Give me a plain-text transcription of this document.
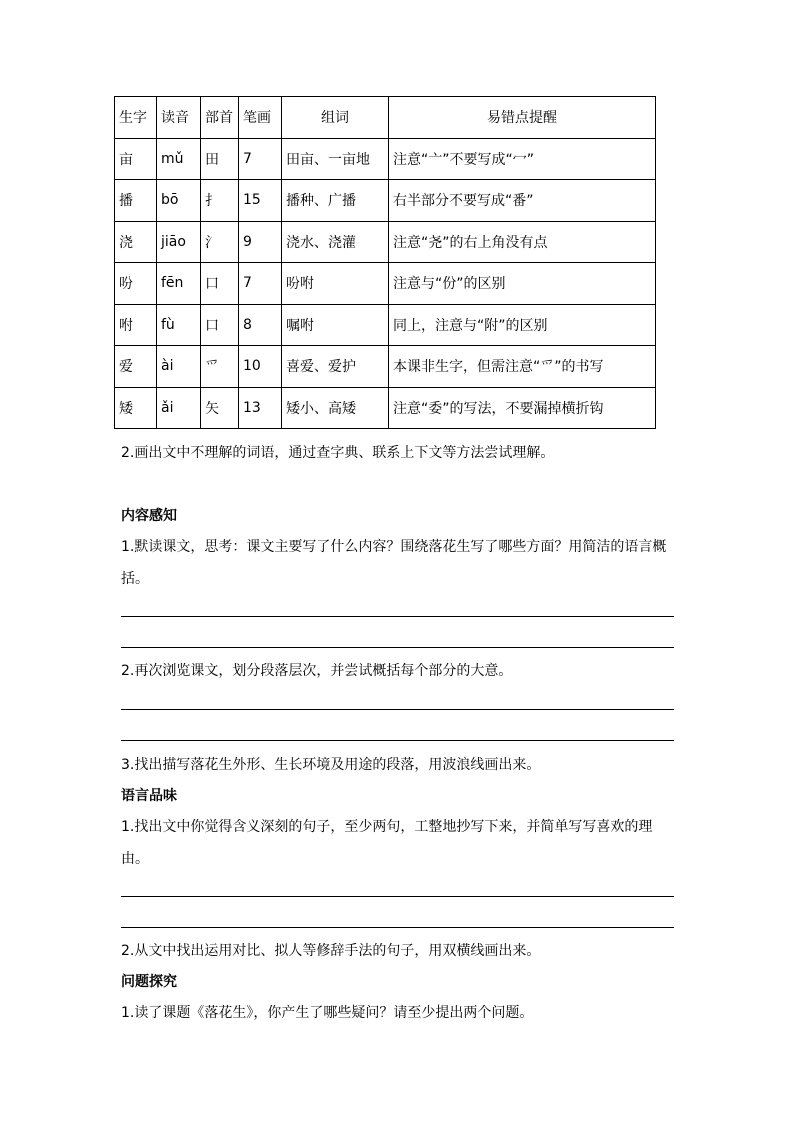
生字	读音	部首	笔画	组词	易错点提醒
亩	mǔ	田	7	田亩、一亩地	注意“亠”不要写成“冖”
播	bō	扌	15	播种、广播	右半部分不要写成“番”
浇	jiāo	氵	9	浇水、浇灌	注意“尧”的右上角没有点
吩	fēn	口	7	吩咐	注意与“份”的区别
咐	fù	口	8	嘱咐	同上，注意与“附”的区别
爱	ài	爫	10	喜爱、爱护	本课非生字，但需注意“爫”的书写
矮	ǎi	矢	13	矮小、高矮	注意“委”的写法，不要漏掉横折钩
2.画出文中不理解的词语，通过查字典、联系上下文等方法尝试理解。
内容感知
1.默读课文，思考：课文主要写了什么内容？围绕落花生写了哪些方面？用简洁的语言概括。
2.再次浏览课文，划分段落层次，并尝试概括每个部分的大意。
3.找出描写落花生外形、生长环境及用途的段落，用波浪线画出来。
语言品味
1.找出文中你觉得含义深刻的句子，至少两句，工整地抄写下来，并简单写写喜欢的理由。
2.从文中找出运用对比、拟人等修辞手法的句子，用双横线画出来。
问题探究
1.读了课题《落花生》，你产生了哪些疑问？请至少提出两个问题。
